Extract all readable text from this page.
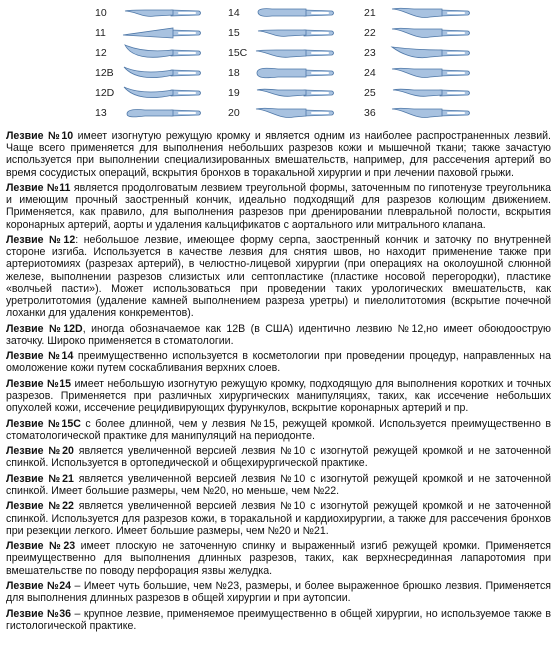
10
11
12
12B
12D
13
14
15
15C
18
19
20
21
22
23
24
25
36

Лезвие №10 имеет изогнутую режущую кромку и является одним из наиболее распространенных лезвий. Чаще всего применяется для выполнения небольших разрезов кожи и мышечной ткани; также зачастую используется при выполнении специализированных вмешательств, например, для рассечения артерий во время сосудистых операций, вскрытия бронхов в торакальной хирургии и при лечении паховой грыжи.

Лезвие №11 является продолговатым лезвием треугольной формы, заточенным по гипотенузе треугольника и имеющим прочный заостренный кончик, идеально подходящий для разрезов колющим движением. Применяется, как правило, для выполнения разрезов при дренировании плевральной полости, вскрытия коронарных артерий, аорты и удаления кальцификатов с аортального или митрального клапана.

Лезвие №12: небольшое лезвие, имеющее форму серпа, заостренный кончик и заточку по внутренней стороне изгиба. Используется в качестве лезвия для снятия швов, но находит применение также при артериотомиях (разрезах артерий), в челюстно-лицевой хирургии (при операциях на околоушной слюнной железе, выполнении разрезов слизистых или септопластике (пластике носовой перегородки), пластике «волчьей пасти»). Может использоваться при проведении таких урологических вмешательств, как уретролитотомия (удаление камней выполнением разреза уретры) и пиелолитотомия (вскрытие почечной лоханки для удаления конкрементов).

Лезвие №12D, иногда обозначаемое как 12В (в США) идентично лезвию №12,но имеет обоюдоострую заточку. Широко применяется в стоматологии.

Лезвие №14 преимущественно используется в косметологии при проведении процедур, направленных на омоложение кожи путем соскабливания верхних слоев.

Лезвие №15 имеет небольшую изогнутую режущую кромку, подходящую для выполнения коротких и точных разрезов. Применяется при различных хирургических манипуляциях, таких, как иссечение небольших опухолей кожи, иссечение рецидивирующих фурункулов, вскрытие коронарных артерий и пр.

Лезвие №15С с более длинной, чем у лезвия №15, режущей кромкой. Используется преимущественно в стоматологической практике для манипуляций на периодонте.

Лезвие №20 является увеличенной версией лезвия №10 с изогнутой режущей кромкой и не заточенной спинкой. Используется в ортопедической и общехирургической практике.

Лезвие №21 является увеличенной версией лезвия №10 с изогнутой режущей кромкой и не заточенной спинкой. Имеет большие размеры, чем №20, но меньше, чем №22.

Лезвие №22 является увеличенной версией лезвия №10 с изогнутой режущей кромкой и не заточенной спинкой. Используется для разрезов кожи, в торакальной и кардиохирургии, а также для рассечения бронхов при резекции легкого. Имеет большие размеры, чем №20 и №21.

Лезвие №23 имеет плоскую не заточенную спинку и выраженный изгиб режущей кромки. Применяется преимущественно для выполнения длинных разрезов, таких, как верхнесрединная лапаротомия при вмешательстве по поводу перфорация язвы желудка.

Лезвие №24 – Имеет чуть большие, чем №23, размеры, и более выраженное брюшко лезвия. Применяется для выполнения длинных разрезов в общей хирургии и при аутопсии.

Лезвие №36 – крупное лезвие, применяемое преимущественно в общей хирургии, но используемое также в гистологической практике.
